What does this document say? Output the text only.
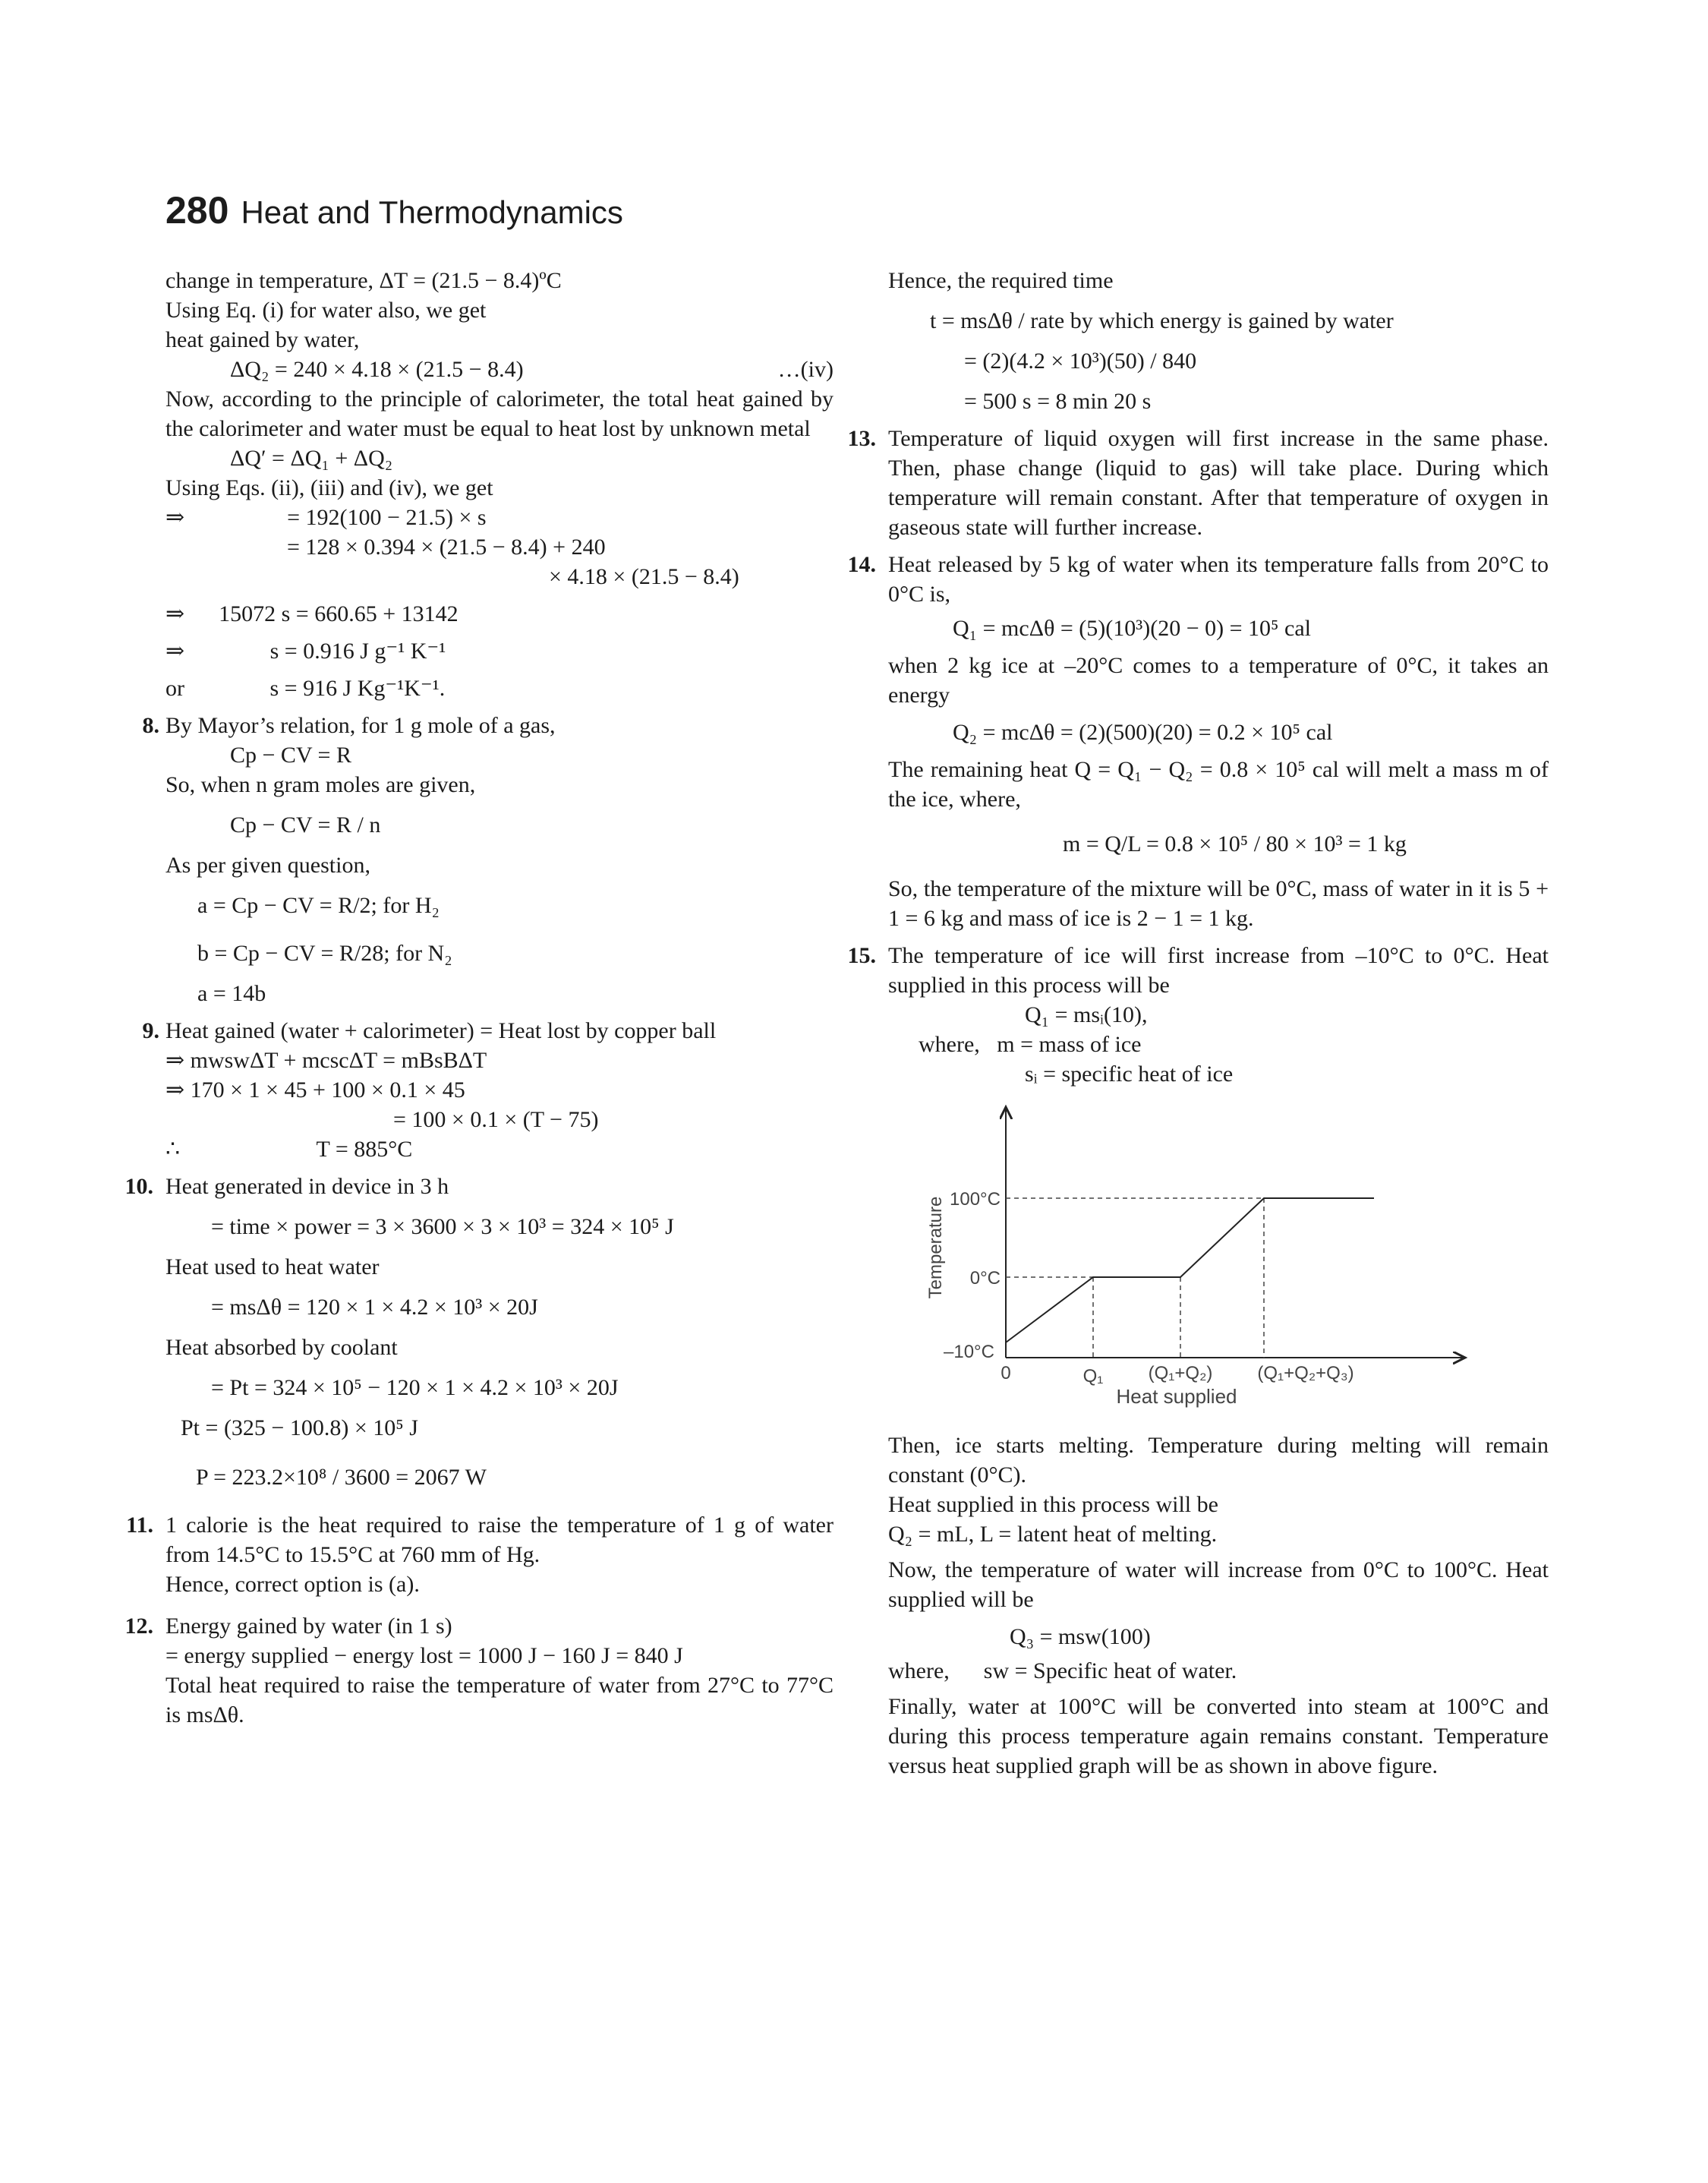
280 Heat and Thermodynamics
change in temperature, ΔT = (21.5 − 8.4)ºC
Using Eq. (i) for water also, we get
heat gained by water,
ΔQ₂ = 240 × 4.18 × (21.5 − 8.4)	…(iv)
Now, according to the principle of calorimeter, the total heat gained by the calorimeter and water must be equal to heat lost by unknown metal
ΔQ′ = ΔQ₁ + ΔQ₂
Using Eqs. (ii), (iii) and (iv), we get
⇒                  = 192(100 − 21.5) × s
= 128 × 0.394 × (21.5 − 8.4) + 240
× 4.18 × (21.5 − 8.4)
⇒      15072 s = 660.65 + 13142
⇒               s = 0.916 J g⁻¹ K⁻¹
or               s = 916 J Kg⁻¹K⁻¹.
8. By Mayor’s relation, for 1 g mole of a gas,
Cp − CV = R
So, when n gram moles are given,
Cp − CV = R / n
As per given question,
a = Cp − CV = R/2; for H₂
b = Cp − CV = R/28; for N₂
a = 14b
9. Heat gained (water + calorimeter) = Heat lost by copper ball
⇒ mwswΔT + mcscΔT = mBsBΔT
⇒ 170 × 1 × 45 + 100 × 0.1 × 45
= 100 × 0.1 × (T − 75)
∴                        T = 885°C
10. Heat generated in device in 3 h
= time × power = 3 × 3600 × 3 × 10³ = 324 × 10⁵ J
Heat used to heat water
= msΔθ = 120 × 1 × 4.2 × 10³ × 20J
Heat absorbed by coolant
= Pt = 324 × 10⁵ − 120 × 1 × 4.2 × 10³ × 20J
Pt = (325 − 100.8) × 10⁵ J
P = 223.2×10⁸ / 3600 = 2067 W
11. 1 calorie is the heat required to raise the temperature of 1 g of water from 14.5°C to 15.5°C at 760 mm of Hg.
Hence, correct option is (a).
12. Energy gained by water (in 1 s)
= energy supplied − energy lost = 1000 J − 160 J = 840 J
Total heat required to raise the temperature of water from 27°C to 77°C is msΔθ.
Hence, the required time
t = msΔθ / rate by which energy is gained by water
= (2)(4.2 × 10³)(50) / 840
= 500 s = 8 min 20 s
13. Temperature of liquid oxygen will first increase in the same phase. Then, phase change (liquid to gas) will take place. During which temperature will remain constant. After that temperature of oxygen in gaseous state will further increase.
14. Heat released by 5 kg of water when its temperature falls from 20°C to 0°C is,
Q₁ = mcΔθ = (5)(10³)(20 − 0) = 10⁵ cal
when 2 kg ice at –20°C comes to a temperature of 0°C, it takes an energy
Q₂ = mcΔθ = (2)(500)(20) = 0.2 × 10⁵ cal
The remaining heat Q = Q₁ − Q₂ = 0.8 × 10⁵ cal will melt a mass m of the ice, where,
m = Q/L = 0.8 × 10⁵ / 80 × 10³ = 1 kg
So, the temperature of the mixture will be 0°C, mass of water in it is 5 + 1 = 6 kg and mass of ice is 2 − 1 = 1 kg.
15. The temperature of ice will first increase from –10°C to 0°C. Heat supplied in this process will be
Q₁ = msᵢ(10),
where,   m = mass of ice
sᵢ = specific heat of ice
Temperature 100°C
0°C
–10°C
0	Q₁ (Q₁+Q₂) (Q₁+Q₂+Q₃)
Heat supplied
Then, ice starts melting. Temperature during melting will remain constant (0°C).
Heat supplied in this process will be
Q₂ = mL, L = latent heat of melting.
Now, the temperature of water will increase from 0°C to 100°C. Heat supplied will be
Q₃ = msw(100)
where,      sw = Specific heat of water.
Finally, water at 100°C will be converted into steam at 100°C and during this process temperature again remains constant. Temperature versus heat supplied graph will be as shown in above figure.
